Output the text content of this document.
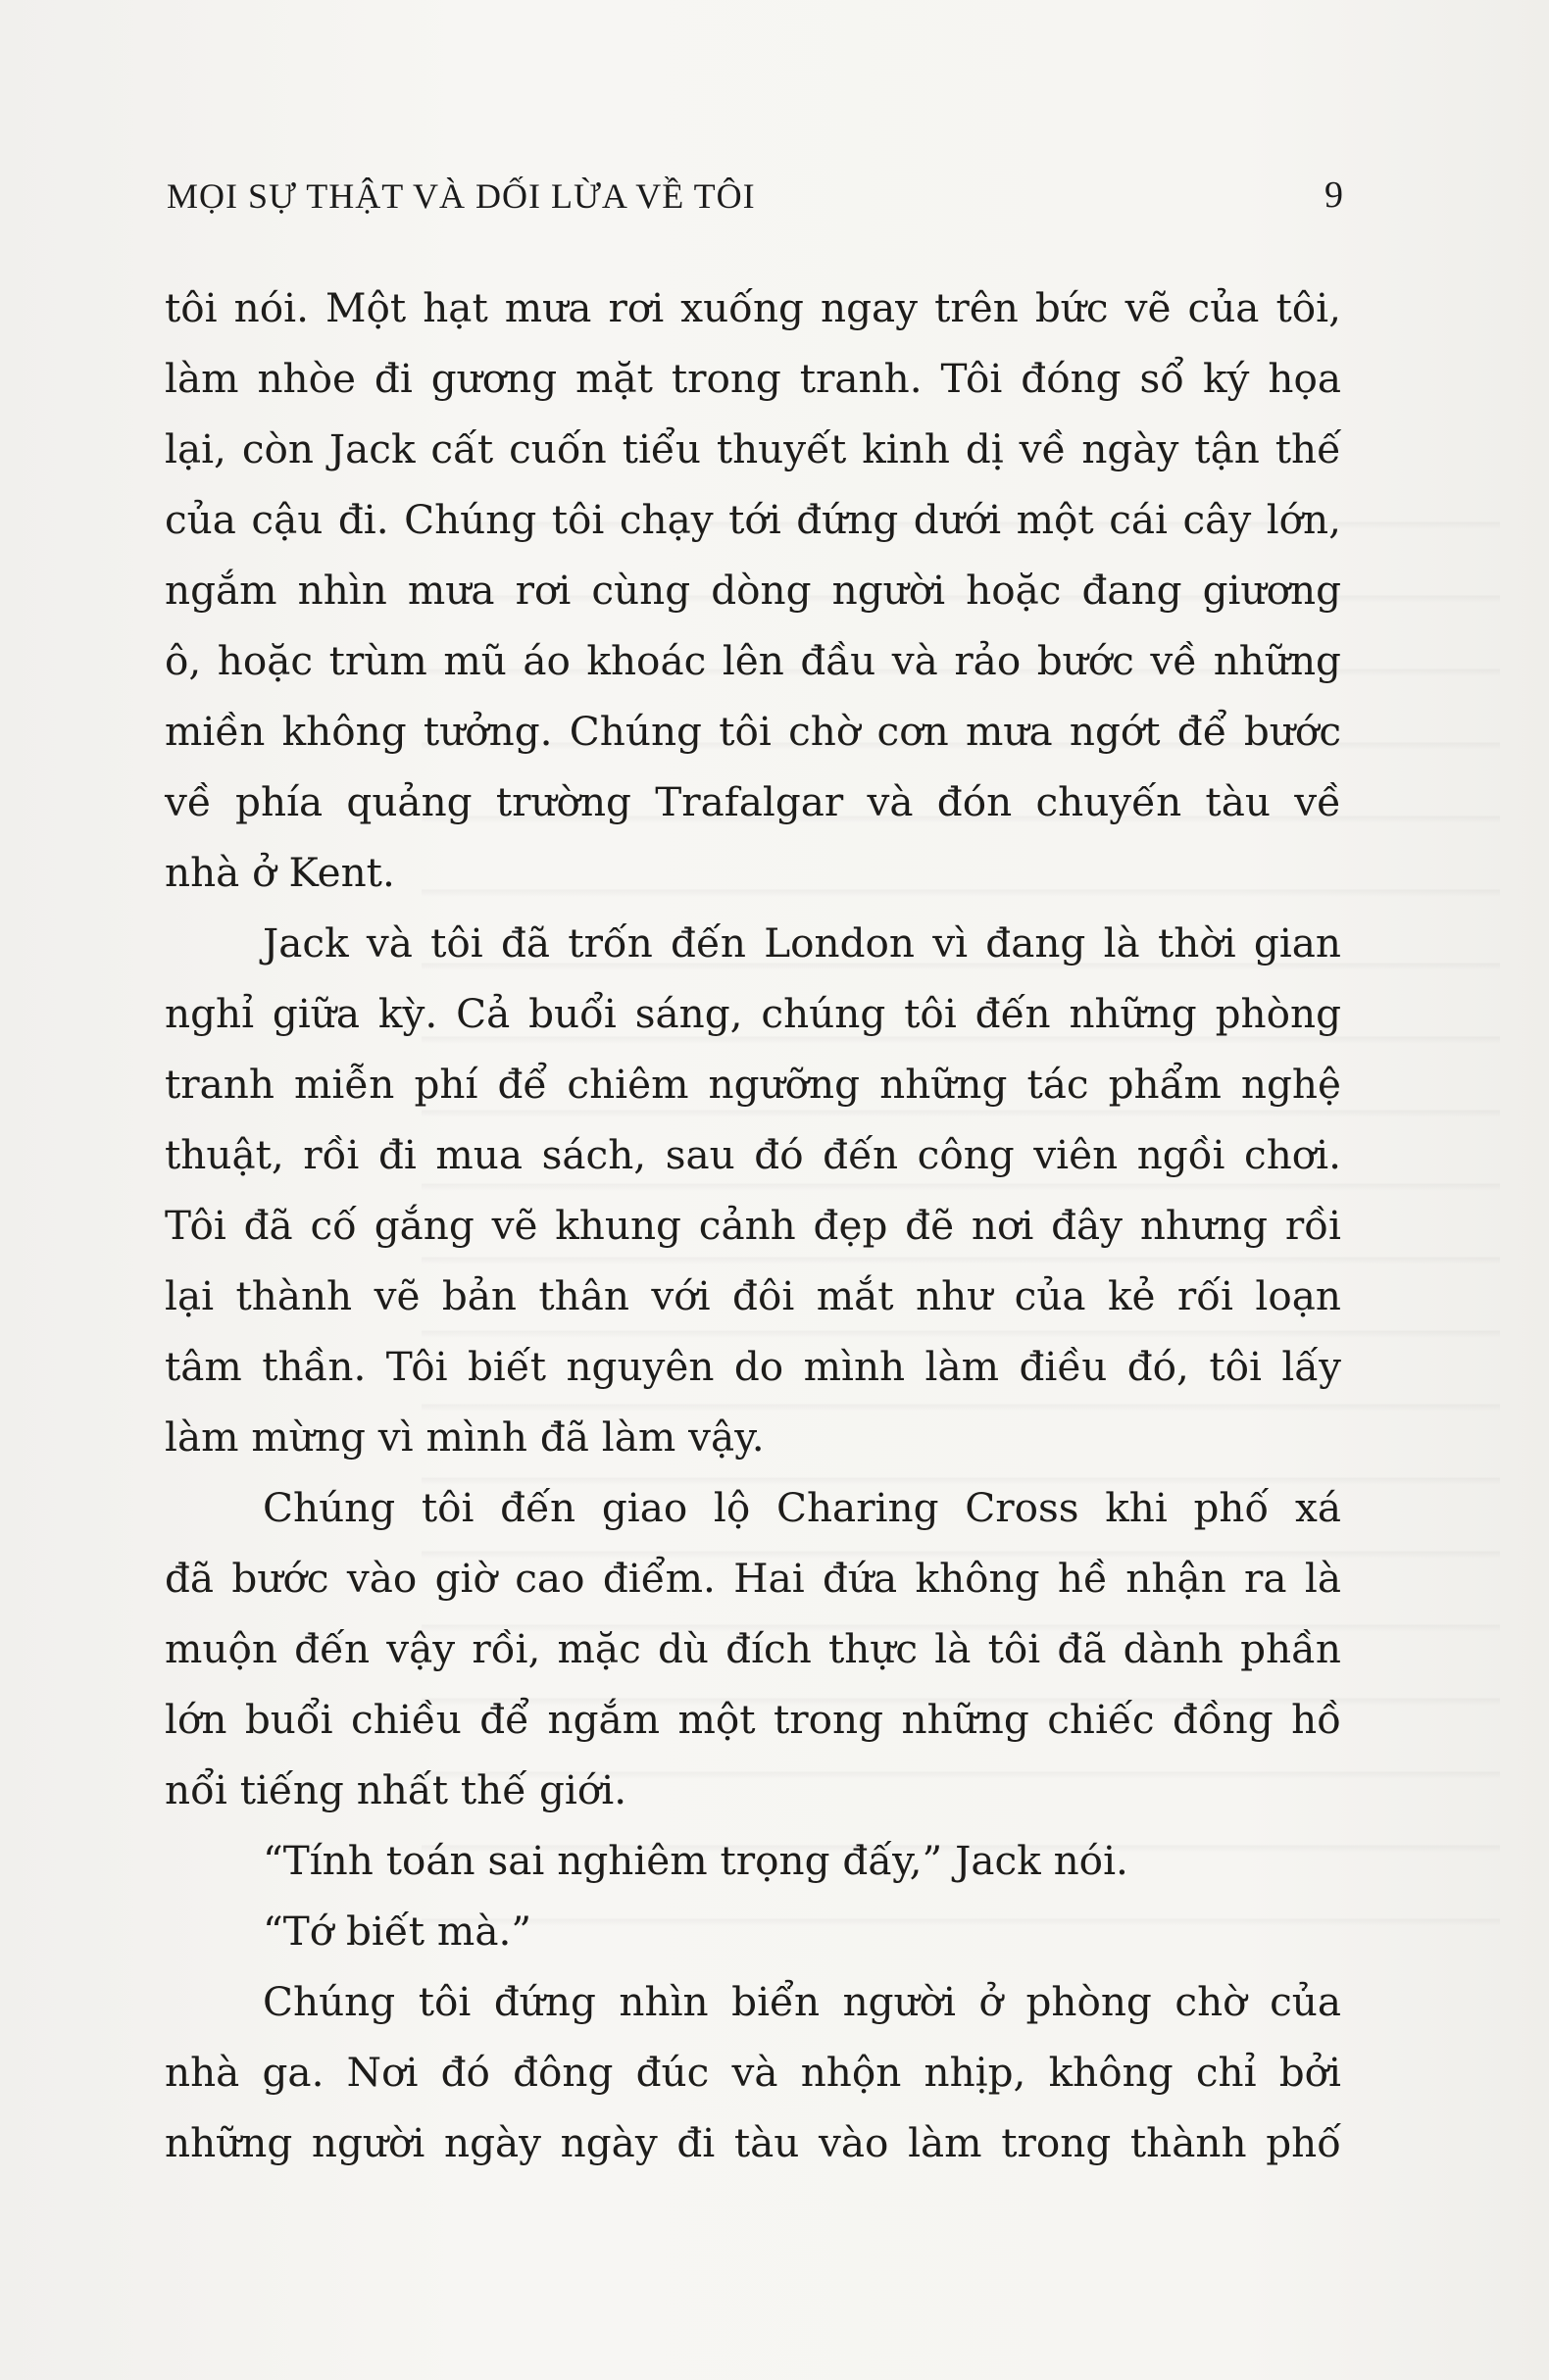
MỌI SỰ THẬT VÀ DỐI LỪA VỀ TÔI	9
tôi nói. Một hạt mưa rơi xuống ngay trên bức vẽ của tôi,
làm nhòe đi gương mặt trong tranh. Tôi đóng sổ ký họa
lại, còn Jack cất cuốn tiểu thuyết kinh dị về ngày tận thế
của cậu đi. Chúng tôi chạy tới đứng dưới một cái cây lớn,
ngắm nhìn mưa rơi cùng dòng người hoặc đang giương
ô, hoặc trùm mũ áo khoác lên đầu và rảo bước về những
miền không tưởng. Chúng tôi chờ cơn mưa ngớt để bước
về phía quảng trường Trafalgar và đón chuyến tàu về
nhà ở Kent.
Jack và tôi đã trốn đến London vì đang là thời gian
nghỉ giữa kỳ. Cả buổi sáng, chúng tôi đến những phòng
tranh miễn phí để chiêm ngưỡng những tác phẩm nghệ
thuật, rồi đi mua sách, sau đó đến công viên ngồi chơi.
Tôi đã cố gắng vẽ khung cảnh đẹp đẽ nơi đây nhưng rồi
lại thành vẽ bản thân với đôi mắt như của kẻ rối loạn
tâm thần. Tôi biết nguyên do mình làm điều đó, tôi lấy
làm mừng vì mình đã làm vậy.
Chúng tôi đến giao lộ Charing Cross khi phố xá
đã bước vào giờ cao điểm. Hai đứa không hề nhận ra là
muộn đến vậy rồi, mặc dù đích thực là tôi đã dành phần
lớn buổi chiều để ngắm một trong những chiếc đồng hồ
nổi tiếng nhất thế giới.
“Tính toán sai nghiêm trọng đấy,” Jack nói.
“Tớ biết mà.”
Chúng tôi đứng nhìn biển người ở phòng chờ của
nhà ga. Nơi đó đông đúc và nhộn nhịp, không chỉ bởi
những người ngày ngày đi tàu vào làm trong thành phố
